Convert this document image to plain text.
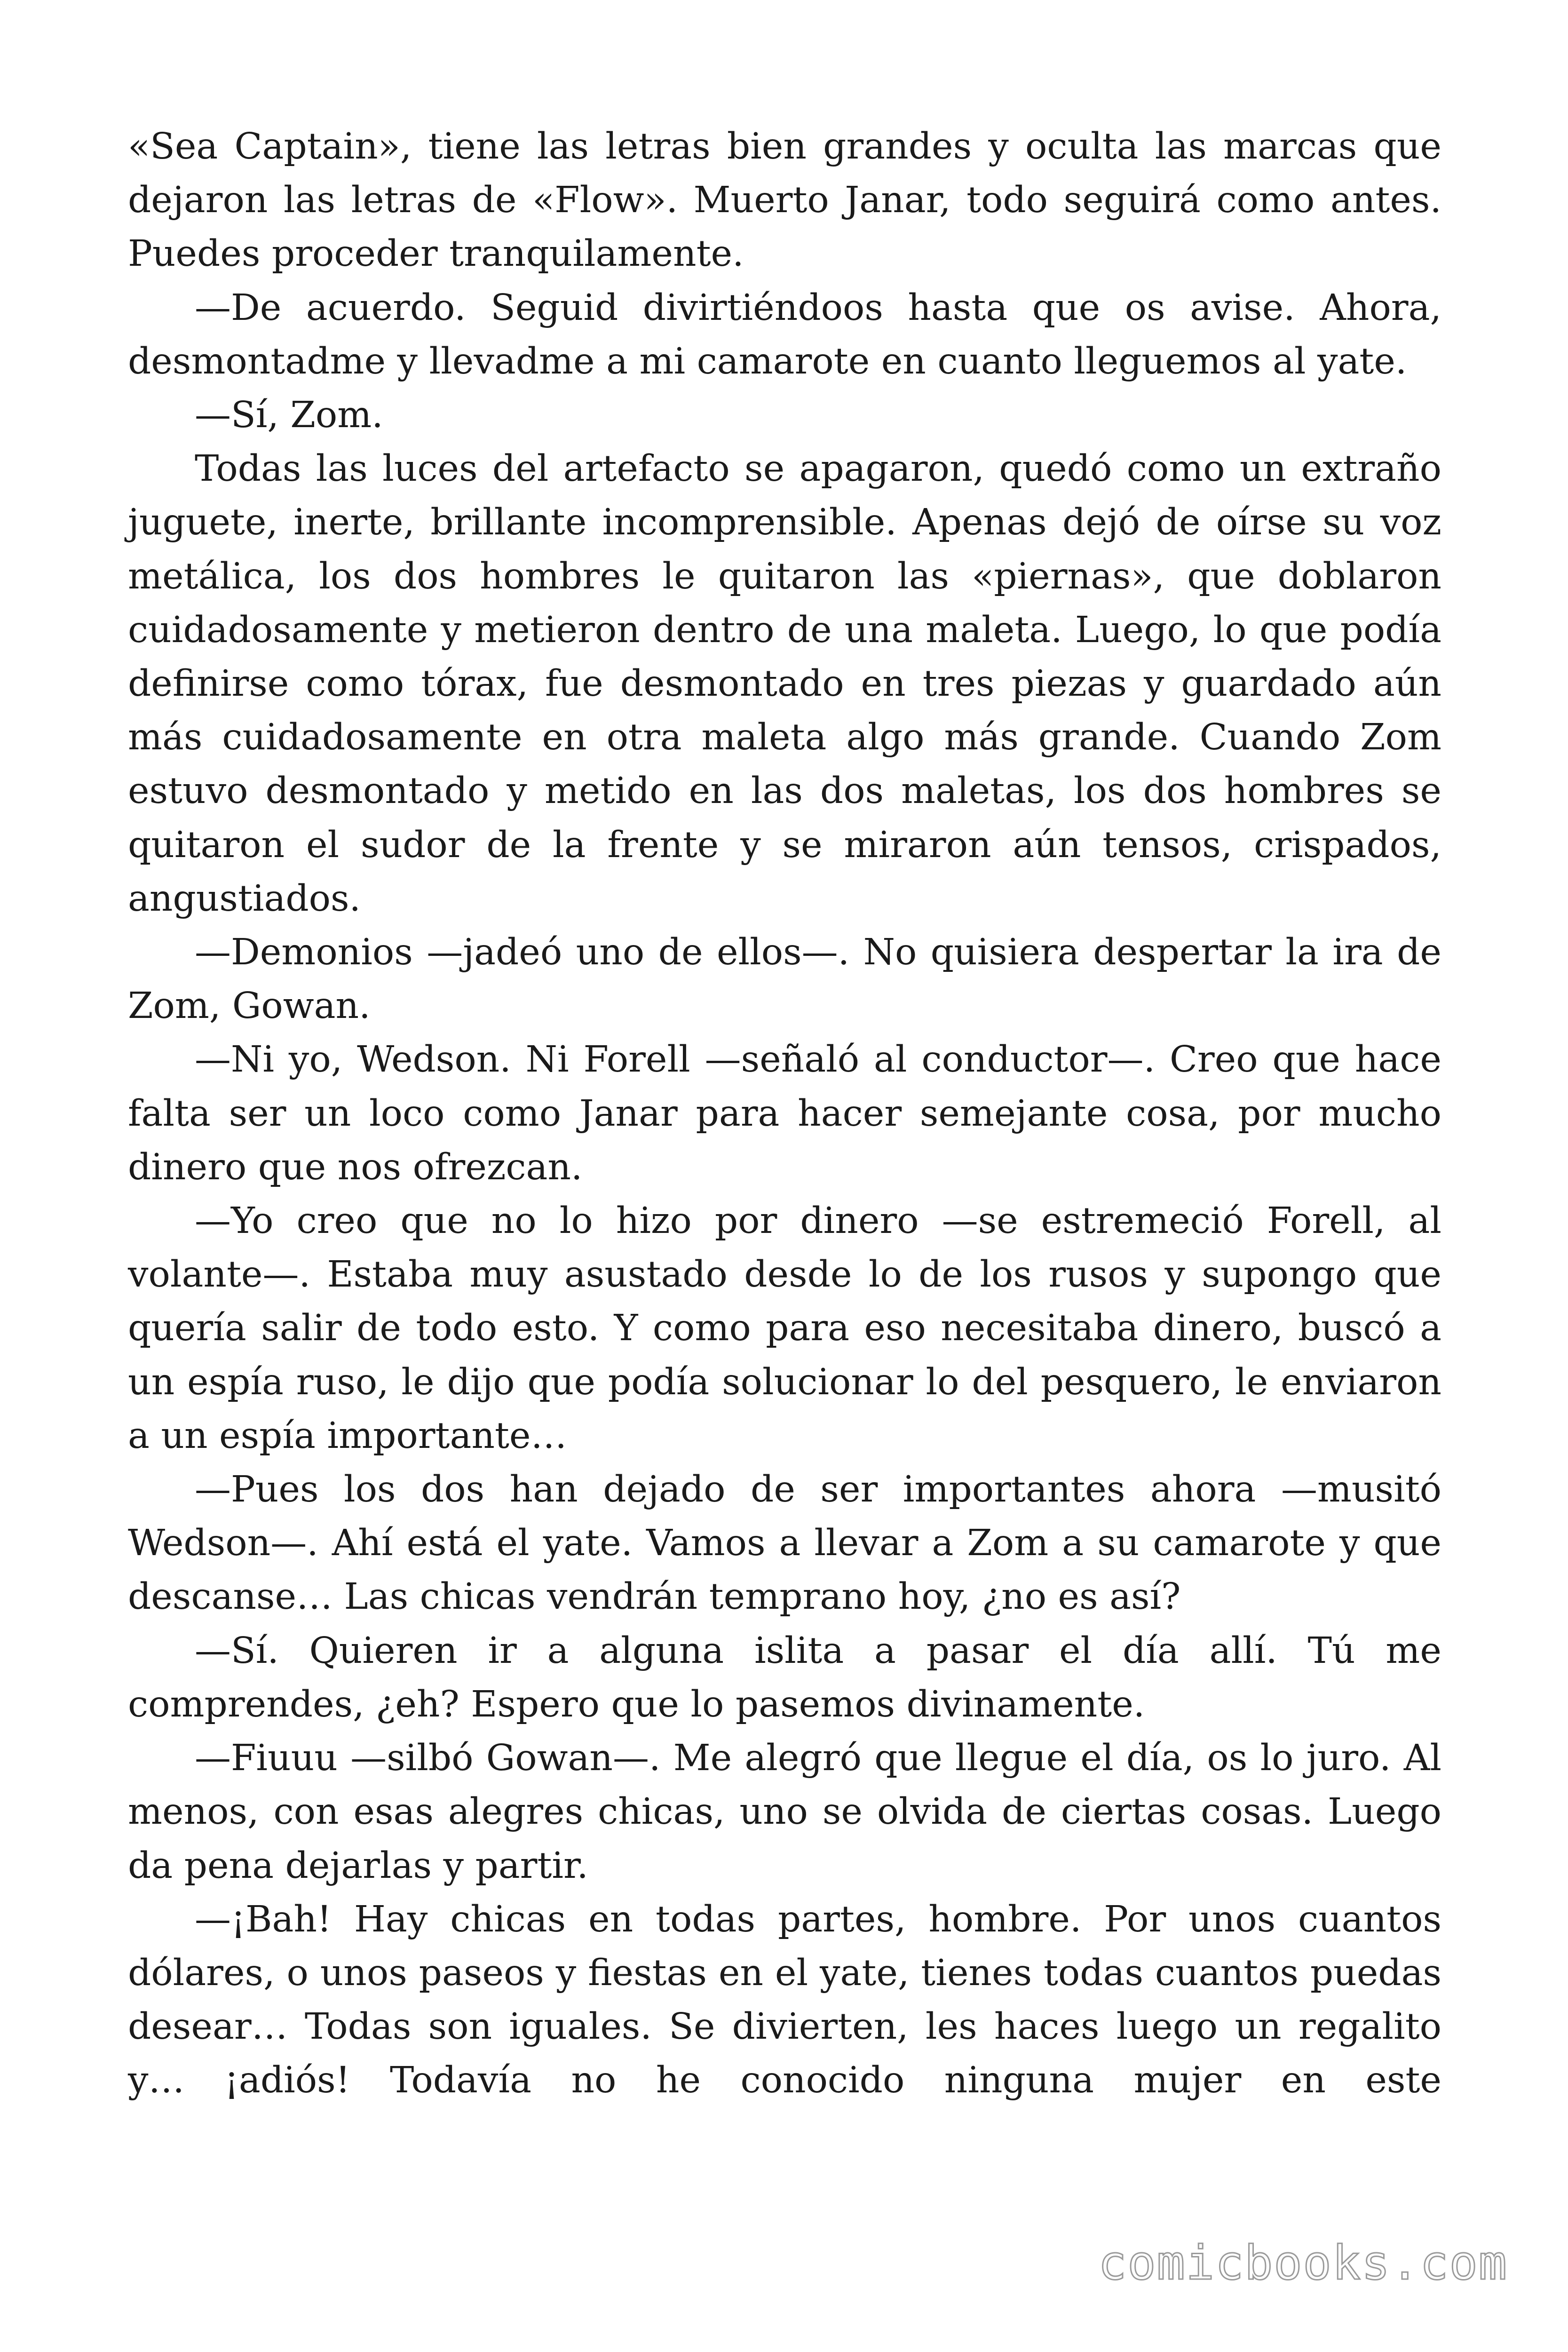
«Sea Captain», tiene las letras bien grandes y oculta las marcas que dejaron las letras de «Flow». Muerto Janar, todo seguirá como antes. Puedes proceder tranquilamente.

—De acuerdo. Seguid divirtiéndoos hasta que os avise. Ahora, desmontadme y llevadme a mi camarote en cuanto lleguemos al yate.

—Sí, Zom.

Todas las luces del artefacto se apagaron, quedó como un extraño juguete, inerte, brillante incomprensible. Apenas dejó de oírse su voz metálica, los dos hombres le quitaron las «piernas», que doblaron cuidadosamente y metieron dentro de una maleta. Luego, lo que podía definirse como tórax, fue desmontado en tres piezas y guardado aún más cuidadosamente en otra maleta algo más grande. Cuando Zom estuvo desmontado y metido en las dos maletas, los dos hombres se quitaron el sudor de la frente y se miraron aún tensos, crispados, angustiados.

—Demonios —jadeó uno de ellos—. No quisiera despertar la ira de Zom, Gowan.

—Ni yo, Wedson. Ni Forell —señaló al conductor—. Creo que hace falta ser un loco como Janar para hacer semejante cosa, por mucho dinero que nos ofrezcan.

—Yo creo que no lo hizo por dinero —se estremeció Forell, al volante—. Estaba muy asustado desde lo de los rusos y supongo que quería salir de todo esto. Y como para eso necesitaba dinero, buscó a un espía ruso, le dijo que podía solucionar lo del pesquero, le enviaron a un espía importante…

—Pues los dos han dejado de ser importantes ahora —musitó Wedson—. Ahí está el yate. Vamos a llevar a Zom a su camarote y que descanse… Las chicas vendrán temprano hoy, ¿no es así?

—Sí. Quieren ir a alguna islita a pasar el día allí. Tú me comprendes, ¿eh? Espero que lo pasemos divinamente.

—Fiuuu —silbó Gowan—. Me alegró que llegue el día, os lo juro. Al menos, con esas alegres chicas, uno se olvida de ciertas cosas. Luego da pena dejarlas y partir.

—¡Bah! Hay chicas en todas partes, hombre. Por unos cuantos dólares, o unos paseos y fiestas en el yate, tienes todas cuantos puedas desear… Todas son iguales. Se divierten, les haces luego un regalito y… ¡adiós! Todavía no he conocido ninguna mujer en este

comicbooks.com
